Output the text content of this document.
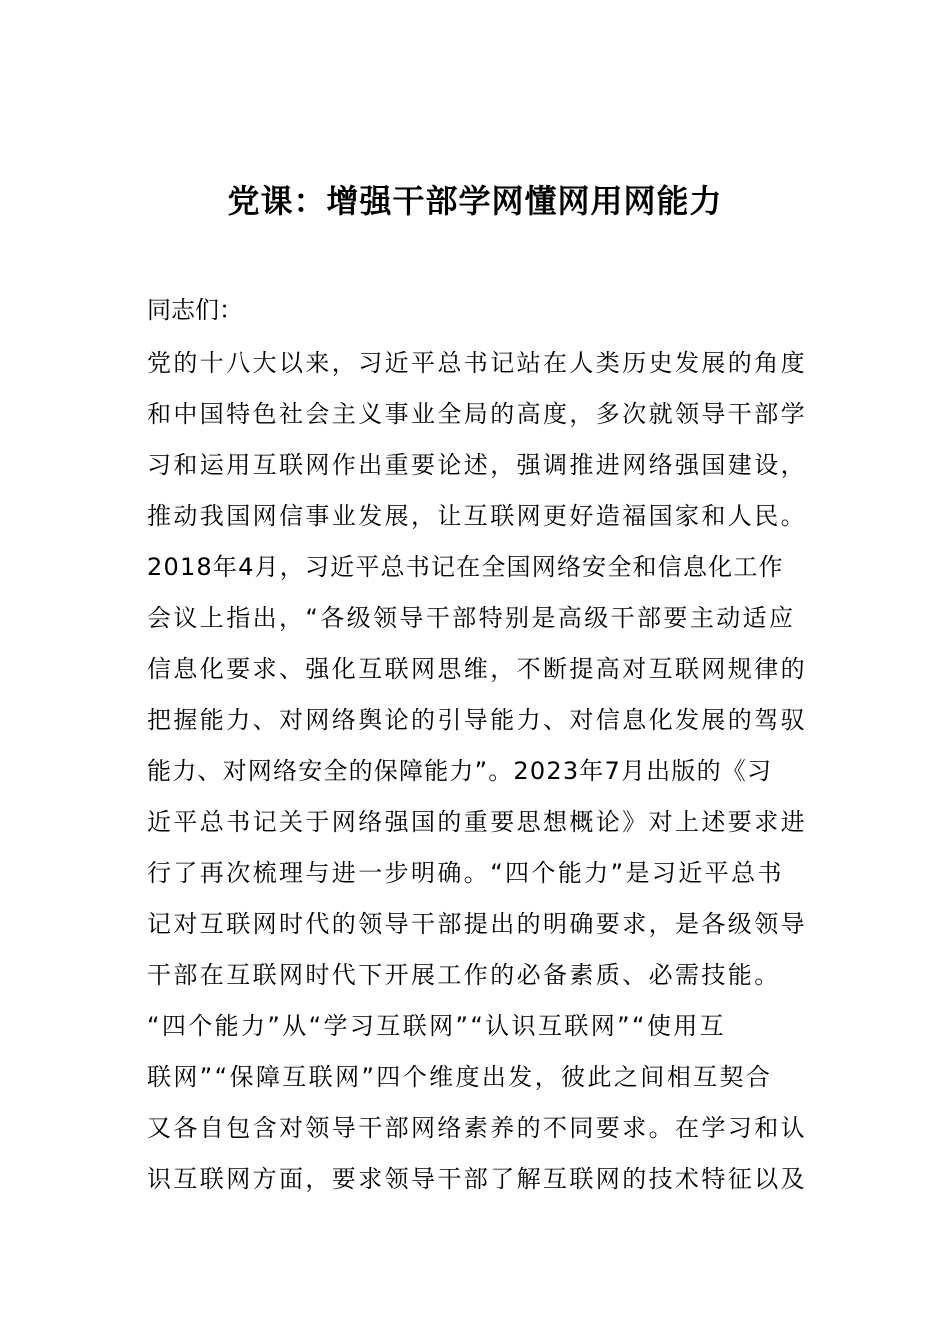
党课：增强干部学网懂网用网能力

同志们：

党的十八大以来，习近平总书记站在人类历史发展的角度
和中国特色社会主义事业全局的高度，多次就领导干部学
习和运用互联网作出重要论述，强调推进网络强国建设，
推动我国网信事业发展，让互联网更好造福国家和人民。
2018年4月，习近平总书记在全国网络安全和信息化工作
会议上指出，“各级领导干部特别是高级干部要主动适应
信息化要求、强化互联网思维，不断提高对互联网规律的
把握能力、对网络舆论的引导能力、对信息化发展的驾驭
能力、对网络安全的保障能力”。2023年7月出版的《习
近平总书记关于网络强国的重要思想概论》对上述要求进
行了再次梳理与进一步明确。“四个能力”是习近平总书
记对互联网时代的领导干部提出的明确要求，是各级领导
干部在互联网时代下开展工作的必备素质、必需技能。
“四个能力”从“学习互联网”“认识互联网”“使用互
联网”“保障互联网”四个维度出发，彼此之间相互契合
又各自包含对领导干部网络素养的不同要求。在学习和认
识互联网方面，要求领导干部了解互联网的技术特征以及
